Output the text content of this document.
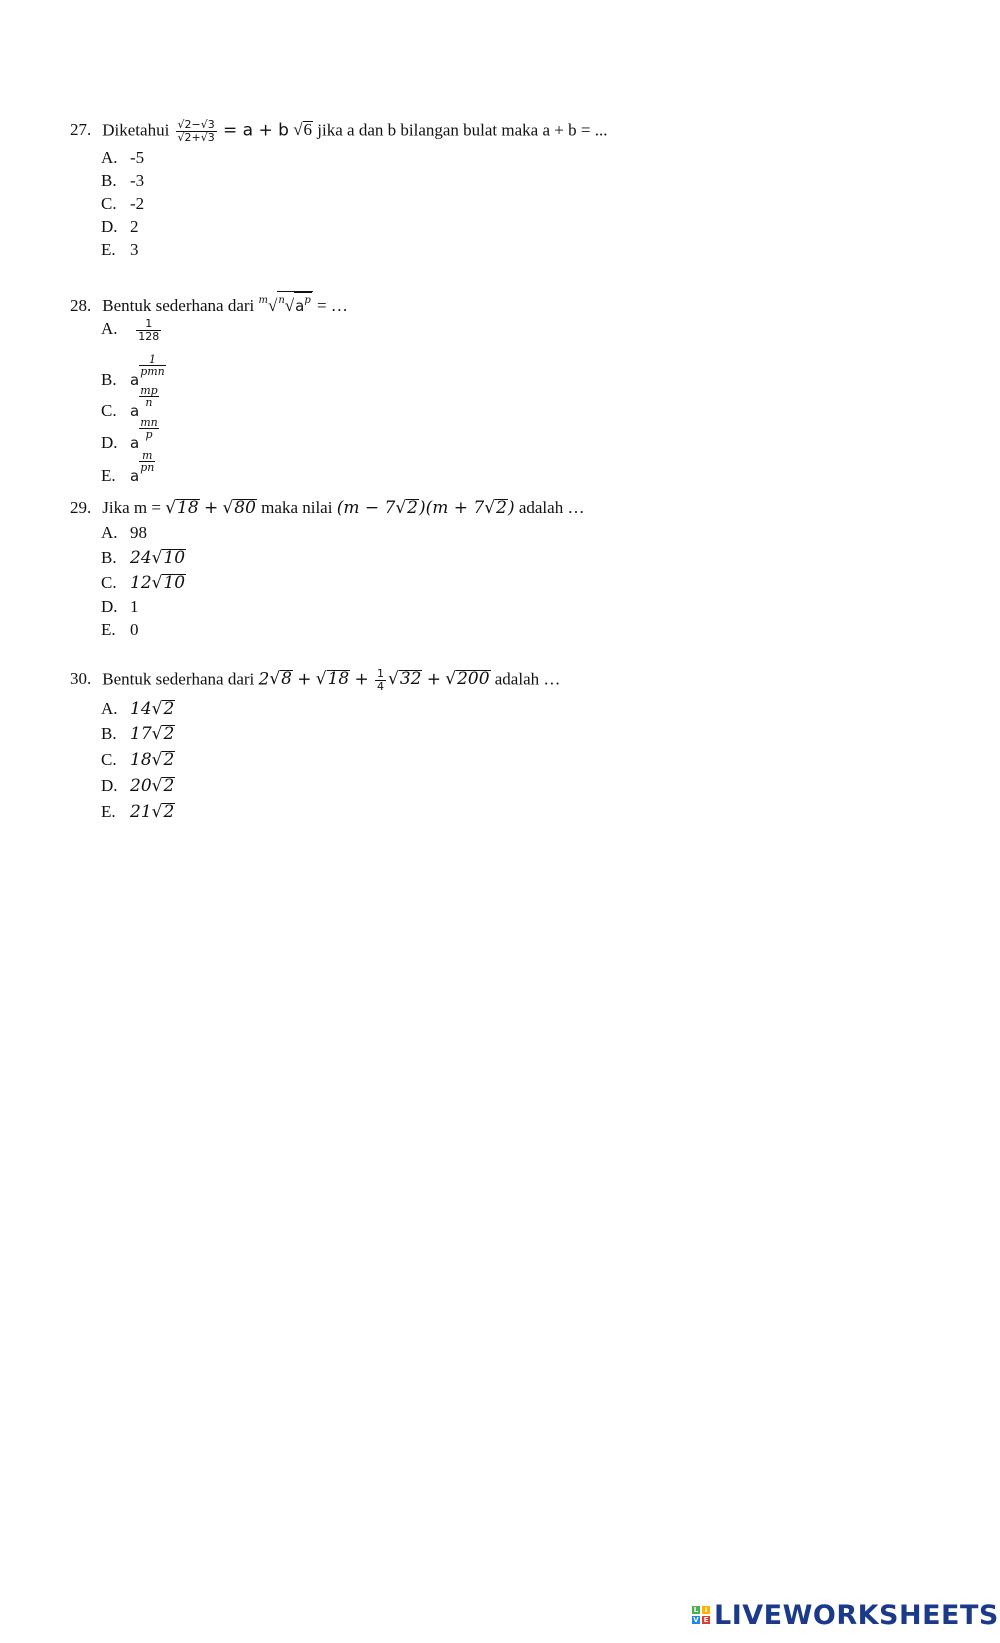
27. Diketahui $\frac{√2-√3}{√2+√3} = a + b$ √6 jika a dan b bilangan bulat maka a + b = ...
A. -5
B. -3
C. -2
D. 2
E. 3
28. Bentuk sederhana dari $^m√^n√a^p$ = …
A. $\frac{1}{128}$
B. a
1
pmn
C. a
$\frac{mp}{n}$
D. a
$\frac{mn}{p}$
E. a
$\frac{m}{pn}$
29. Jika m = √18 + √80 maka nilai (m − 7√2)(m + 7√2) adalah …
A. 98
B. 24√10
C. 12√10
D. 1
E. 0
30. Bentuk sederhana dari $2√8 + √18 + \frac{1}{4} √32 + √200$ adalah …
A. 14√2
B. 17√2
C. 18√2
D. 20√2
E. 21√2
L I
V E LIVEWORKSHEETS
